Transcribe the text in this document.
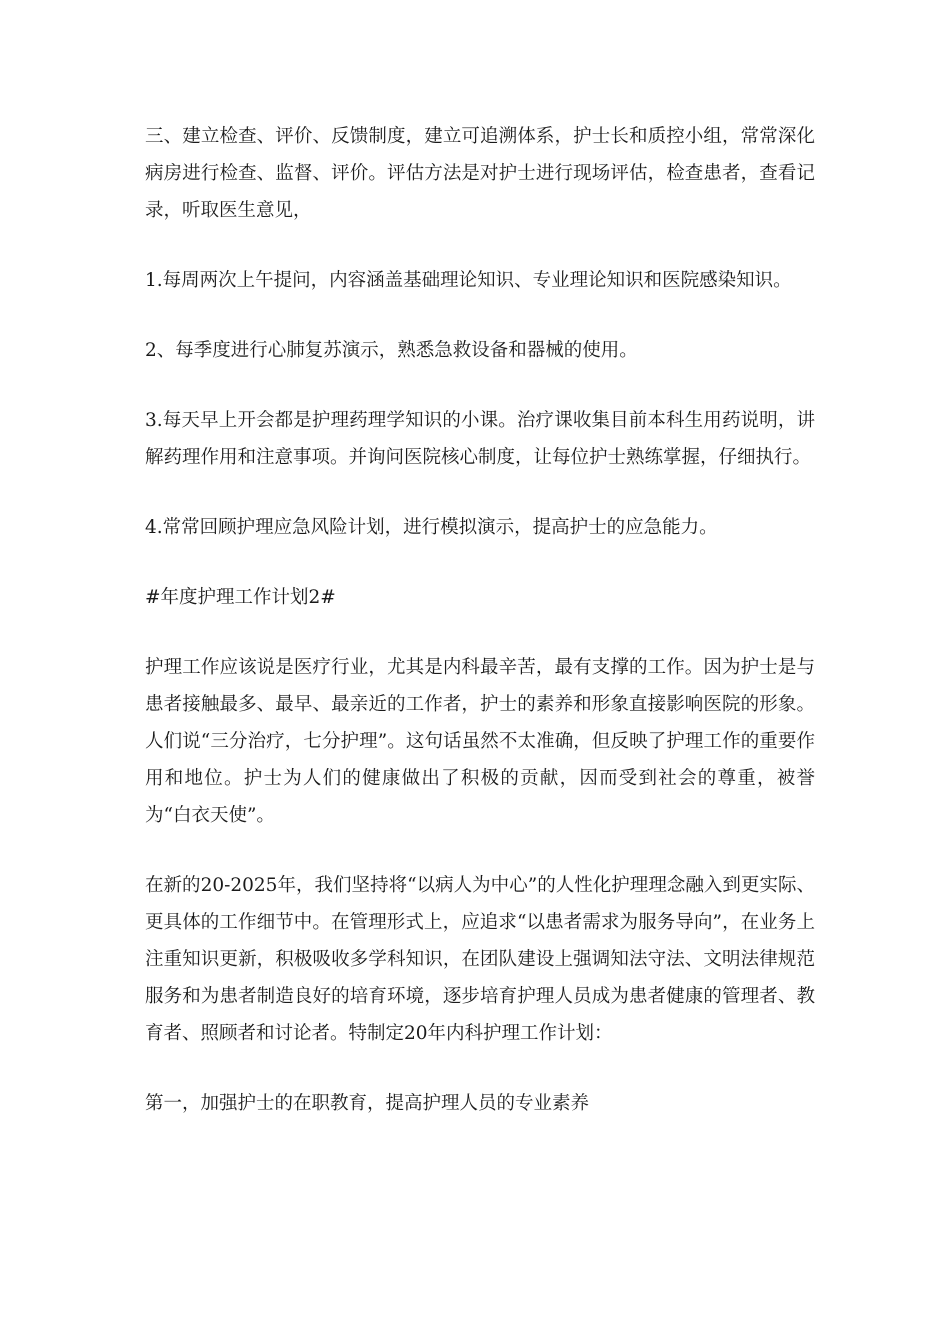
三、建立检查、评价、反馈制度，建立可追溯体系，护士长和质控小组，常常深化病房进行检查、监督、评价。评估方法是对护士进行现场评估，检查患者，查看记录，听取医生意见，

1.每周两次上午提问，内容涵盖基础理论知识、专业理论知识和医院感染知识。

2、每季度进行心肺复苏演示，熟悉急救设备和器械的使用。

3.每天早上开会都是护理药理学知识的小课。治疗课收集目前本科生用药说明，讲解药理作用和注意事项。并询问医院核心制度，让每位护士熟练掌握，仔细执行。

4.常常回顾护理应急风险计划，进行模拟演示，提高护士的应急能力。

#年度护理工作计划2#

护理工作应该说是医疗行业，尤其是内科最辛苦，最有支撑的工作。因为护士是与患者接触最多、最早、最亲近的工作者，护士的素养和形象直接影响医院的形象。人们说“三分治疗，七分护理”。这句话虽然不太准确，但反映了护理工作的重要作用和地位。护士为人们的健康做出了积极的贡献，因而受到社会的尊重，被誉为“白衣天使”。

在新的20-2025年，我们坚持将“以病人为中心”的人性化护理理念融入到更实际、更具体的工作细节中。在管理形式上，应追求“以患者需求为服务导向”，在业务上注重知识更新，积极吸收多学科知识，在团队建设上强调知法守法、文明法律规范服务和为患者制造良好的培育环境，逐步培育护理人员成为患者健康的管理者、教育者、照顾者和讨论者。特制定20年内科护理工作计划：

第一，加强护士的在职教育，提高护理人员的专业素养
